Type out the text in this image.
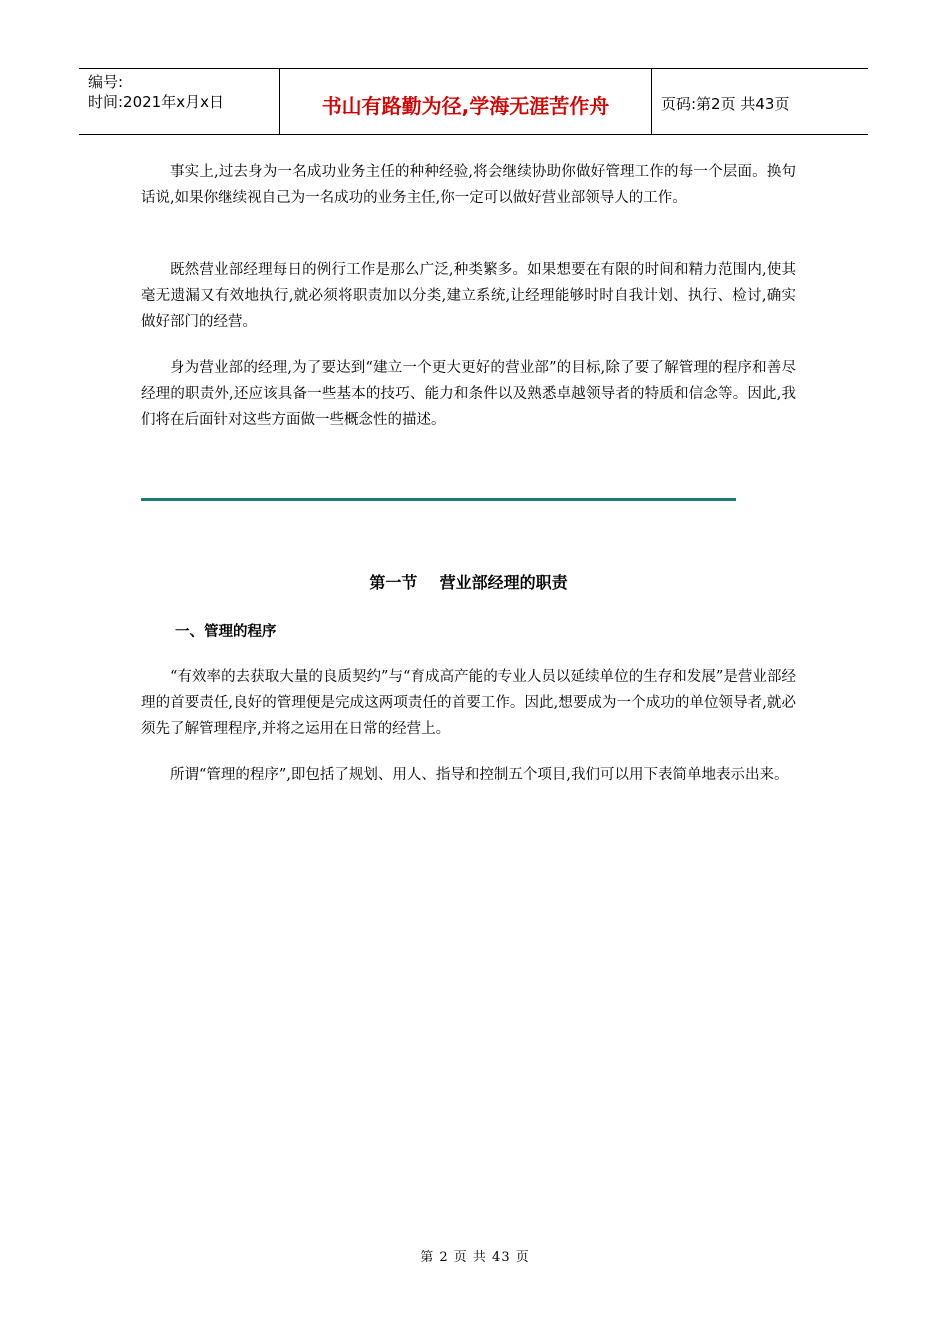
编号:
时间:2021年x月x日	书山有路勤为径,学海无涯苦作舟	页码:第2页 共43页

事实上,过去身为一名成功业务主任的种种经验,将会继续协助你做好管理工作的每一个层面。换句话说,如果你继续视自己为一名成功的业务主任,你一定可以做好营业部领导人的工作。

既然营业部经理每日的例行工作是那么广泛,种类繁多。如果想要在有限的时间和精力范围内,使其毫无遗漏又有效地执行,就必须将职责加以分类,建立系统,让经理能够时时自我计划、执行、检讨,确实做好部门的经营。

身为营业部的经理,为了要达到“建立一个更大更好的营业部”的目标,除了要了解管理的程序和善尽经理的职责外,还应该具备一些基本的技巧、能力和条件以及熟悉卓越领导者的特质和信念等。因此,我们将在后面针对这些方面做一些概念性的描述。

第一节    营业部经理的职责
一、管理的程序

“有效率的去获取大量的良质契约”与“育成高产能的专业人员以延续单位的生存和发展”是营业部经理的首要责任,良好的管理便是完成这两项责任的首要工作。因此,想要成为一个成功的单位领导者,就必须先了解管理程序,并将之运用在日常的经营上。

所谓“管理的程序”,即包括了规划、用人、指导和控制五个项目,我们可以用下表简单地表示出来。

第 2 页 共 43 页
